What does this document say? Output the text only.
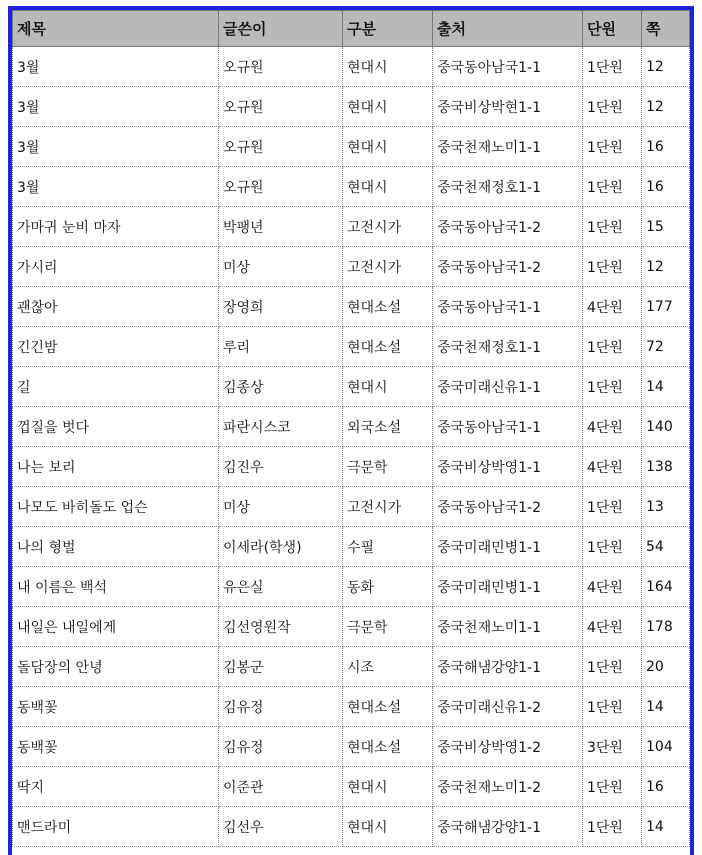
제목	글쓴이	구분	출처	단원	쪽
3월	오규원	현대시	중국동아남국1-1	1단원	12
3월	오규원	현대시	중국비상박현1-1	1단원	12
3월	오규원	현대시	중국천재노미1-1	1단원	16
3월	오규원	현대시	중국천재정호1-1	1단원	16
가마귀 눈비 마자	박팽년	고전시가	중국동아남국1-2	1단원	15
가시리	미상	고전시가	중국동아남국1-2	1단원	12
괜찮아	장영희	현대소설	중국동아남국1-1	4단원	177
긴긴밤	루리	현대소설	중국천재정호1-1	1단원	72
길	김종상	현대시	중국미래신유1-1	1단원	14
껍질을 벗다	파란시스코	외국소설	중국동아남국1-1	4단원	140
나는 보리	김진우	극문학	중국비상박영1-1	4단원	138
나모도 바히돌도 업슨	미상	고전시가	중국동아남국1-2	1단원	13
나의 형벌	이세라(학생)	수필	중국미래민병1-1	1단원	54
내 이름은 백석	유은실	동화	중국미래민병1-1	4단원	164
내일은 내일에게	김선영원작	극문학	중국천재노미1-1	4단원	178
돌담장의 안녕	김봉군	시조	중국해냄강양1-1	1단원	20
동백꽃	김유정	현대소설	중국미래신유1-2	1단원	14
동백꽃	김유정	현대소설	중국비상박영1-2	3단원	104
딱지	이준관	현대시	중국천재노미1-2	1단원	16
맨드라미	김선우	현대시	중국해냄강양1-1	1단원	14
